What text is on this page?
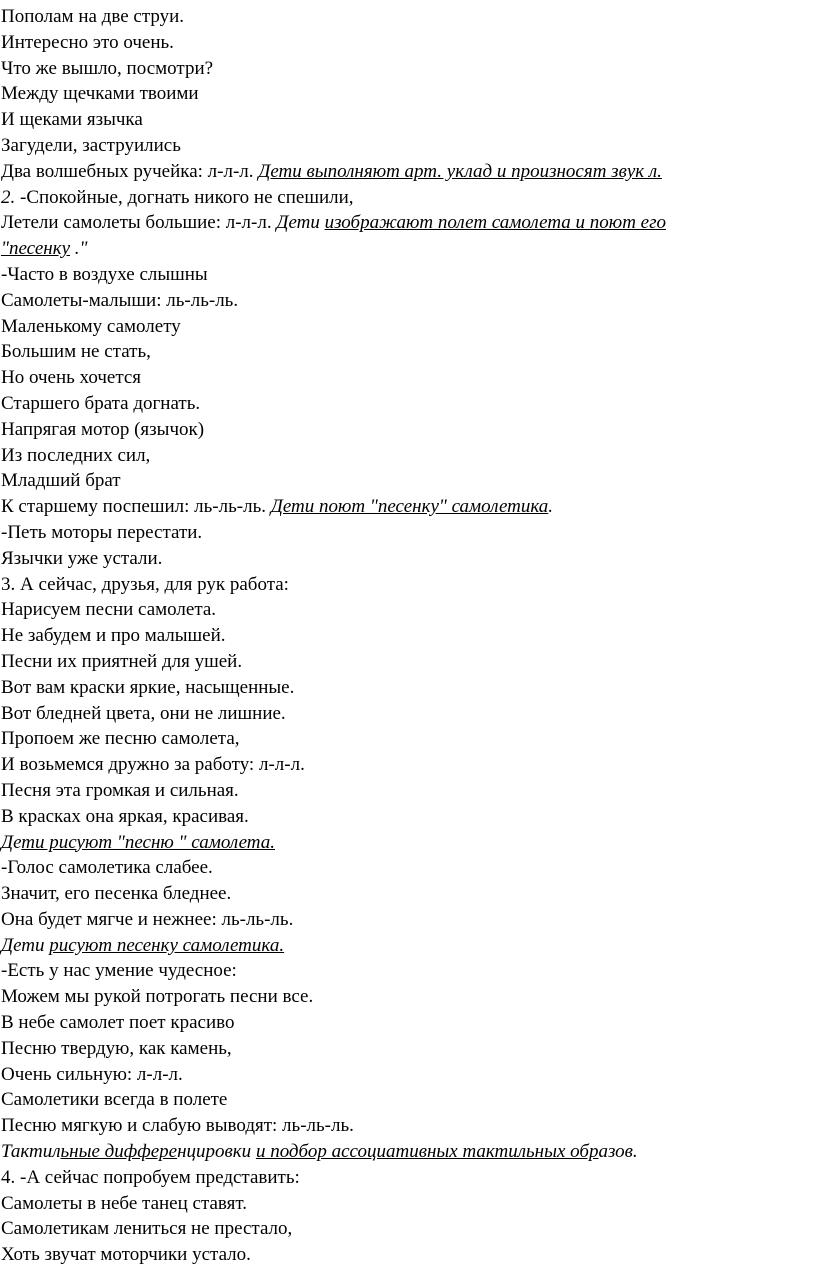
Пополам на две струи.
Интересно это очень.
Что же вышло, посмотри?
Между щечками твоими
И щеками язычка
Загудели, заструились
Два волшебных ручейка: л-л-л. Дети выполняют арт. уклад и произносят звук л.
2. -Спокойные, догнать никого не спешили,
Летели самолеты большие: л-л-л. Дети изображают полет самолета и поют его
"песенку ."
-Часто в воздухе слышны
Самолеты-малыши: ль-ль-ль.
Маленькому самолету
Большим не стать,
Но очень хочется
Старшего брата догнать.
Напрягая мотор (язычок)
Из последних сил,
Младший брат
К старшему поспешил: ль-ль-ль. Дети поют "песенку" самолетика.
-Петь моторы перестати.
Язычки уже устали.
3. А сейчас, друзья, для рук работа:
Нарисуем песни самолета.
Не забудем и про малышей.
Песни их приятней для ушей.
Вот вам краски яркие, насыщенные.
Вот бледней цвета, они не лишние.
Пропоем же песню самолета,
И возьмемся дружно за работу: л-л-л.
Песня эта громкая и сильная.
В красках она яркая, красивая.
Дети рисуют "песню " самолета.
-Голос самолетика слабее.
Значит, его песенка бледнее.
Она будет мягче и нежнее: ль-ль-ль.
Дети рисуют песенку самолетика.
-Есть у нас умение чудесное:
Можем мы рукой потрогать песни все.
В небе самолет поет красиво
Песню твердую, как камень,
Очень сильную: л-л-л.
Самолетики всегда в полете
Песню мягкую и слабую выводят: ль-ль-ль.
Тактильные дифференцировки и подбор ассоциативных тактильных образов.
4. -А сейчас попробуем представить:
Самолеты в небе танец ставят.
Самолетикам лениться не престало,
Хоть звучат моторчики устало.
